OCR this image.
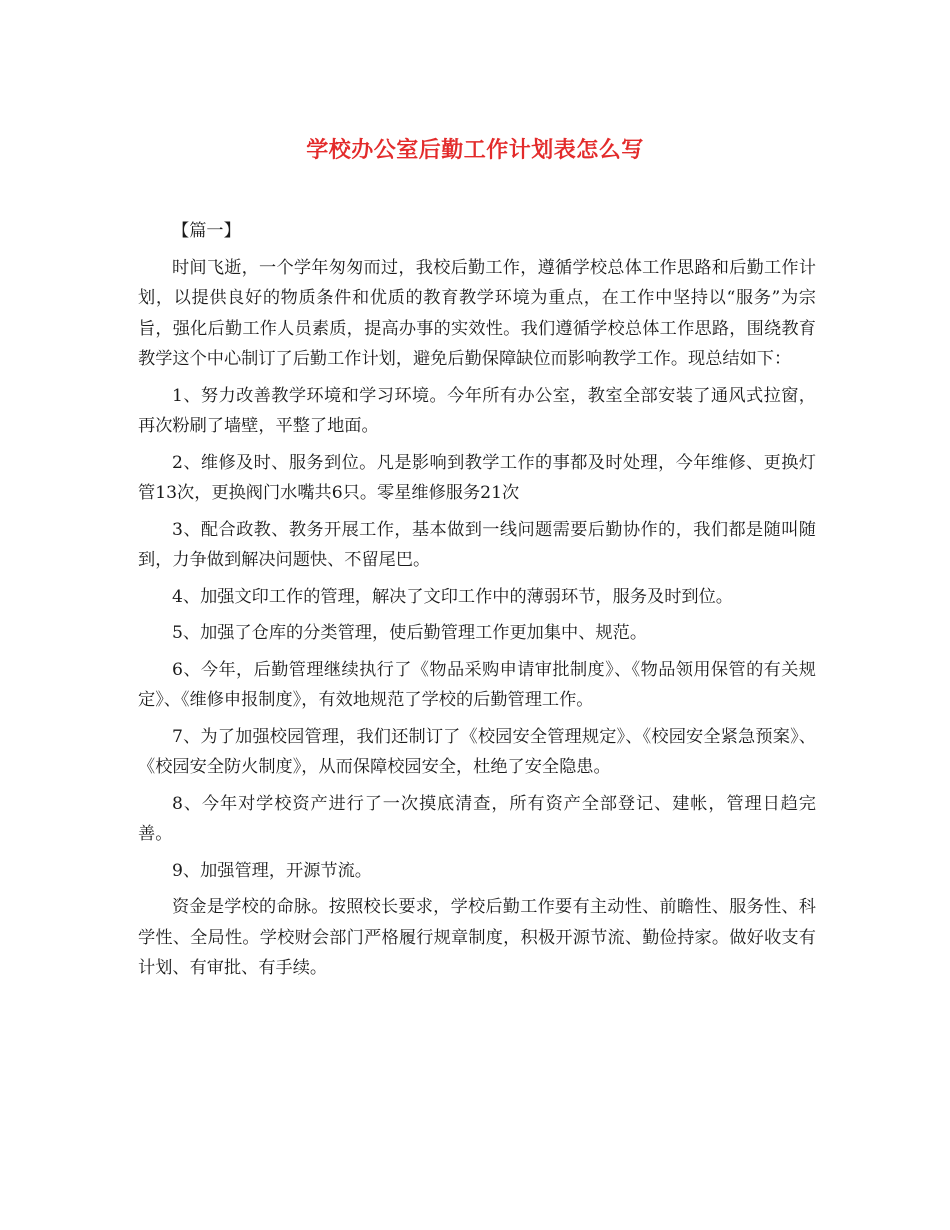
学校办公室后勤工作计划表怎么写

【篇一】

时间飞逝，一个学年匆匆而过，我校后勤工作，遵循学校总体工作思路和后勤工作计划，以提供良好的物质条件和优质的教育教学环境为重点，在工作中坚持以“服务”为宗旨，强化后勤工作人员素质，提高办事的实效性。我们遵循学校总体工作思路，围绕教育教学这个中心制订了后勤工作计划，避免后勤保障缺位而影响教学工作。现总结如下：

1、努力改善教学环境和学习环境。今年所有办公室，教室全部安装了通风式拉窗，再次粉刷了墙壁，平整了地面。

2、维修及时、服务到位。凡是影响到教学工作的事都及时处理，今年维修、更换灯管13次，更换阀门水嘴共6只。零星维修服务21次

3、配合政教、教务开展工作，基本做到一线问题需要后勤协作的，我们都是随叫随到，力争做到解决问题快、不留尾巴。

4、加强文印工作的管理，解决了文印工作中的薄弱环节，服务及时到位。

5、加强了仓库的分类管理，使后勤管理工作更加集中、规范。

6、今年，后勤管理继续执行了《物品采购申请审批制度》、《物品领用保管的有关规定》、《维修申报制度》，有效地规范了学校的后勤管理工作。

7、为了加强校园管理，我们还制订了《校园安全管理规定》、《校园安全紧急预案》、《校园安全防火制度》，从而保障校园安全，杜绝了安全隐患。

8、今年对学校资产进行了一次摸底清查，所有资产全部登记、建帐，管理日趋完善。

9、加强管理，开源节流。

资金是学校的命脉。按照校长要求，学校后勤工作要有主动性、前瞻性、服务性、科学性、全局性。学校财会部门严格履行规章制度，积极开源节流、勤俭持家。做好收支有计划、有审批、有手续。
